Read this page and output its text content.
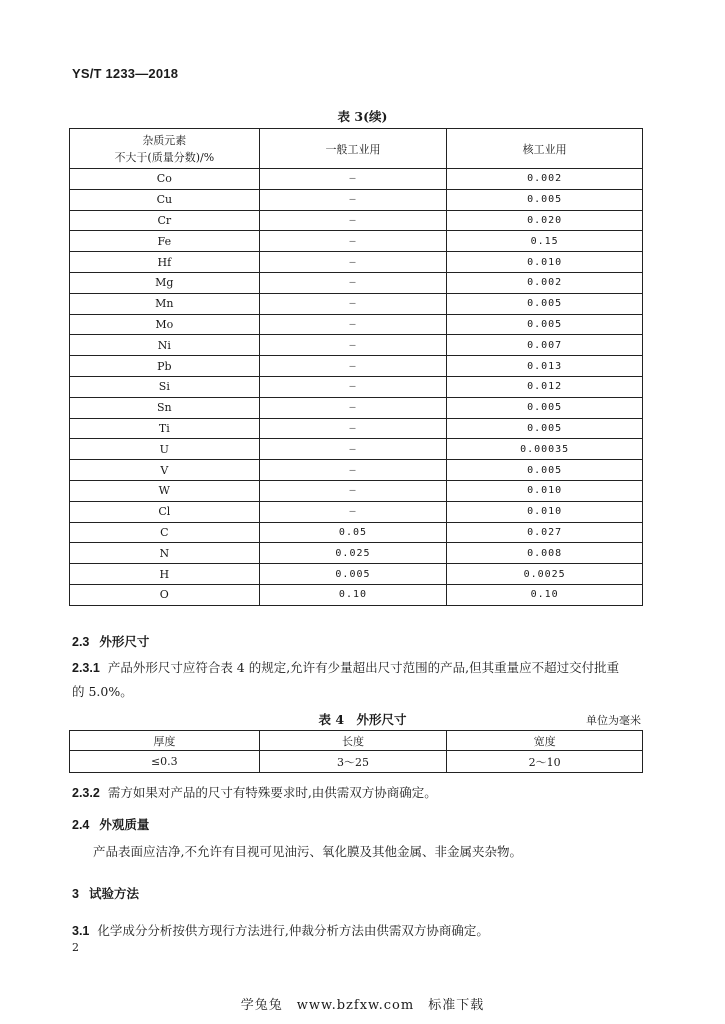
YS/T 1233—2018
表 3(续)
杂质元素
不大于(质量分数)/%	一般工业用	核工业用
Co	—	0.002
Cu	—	0.005
Cr	—	0.020
Fe	—	0.15
Hf	—	0.010
Mg	—	0.002
Mn	—	0.005
Mo	—	0.005
Ni	—	0.007
Pb	—	0.013
Si	—	0.012
Sn	—	0.005
Ti	—	0.005
U	—	0.00035
V	—	0.005
W	—	0.010
Cl	—	0.010
C	0.05	0.027
N	0.025	0.008
H	0.005	0.0025
O	0.10	0.10
2.3 外形尺寸
2.3.1 产品外形尺寸应符合表 4 的规定,允许有少量超出尺寸范围的产品,但其重量应不超过交付批重
的 5.0%。
表 4　外形尺寸	单位为毫米
厚度	长度	宽度
≤0.3	3～25	2～10
2.3.2 需方如果对产品的尺寸有特殊要求时,由供需双方协商确定。
2.4 外观质量
产品表面应洁净,不允许有目视可见油污、氧化膜及其他金属、非金属夹杂物。
3 试验方法
3.1 化学成分分析按供方现行方法进行,仲裁分析方法由供需双方协商确定。
2
学兔兔　www.bzfxw.com　标准下载
